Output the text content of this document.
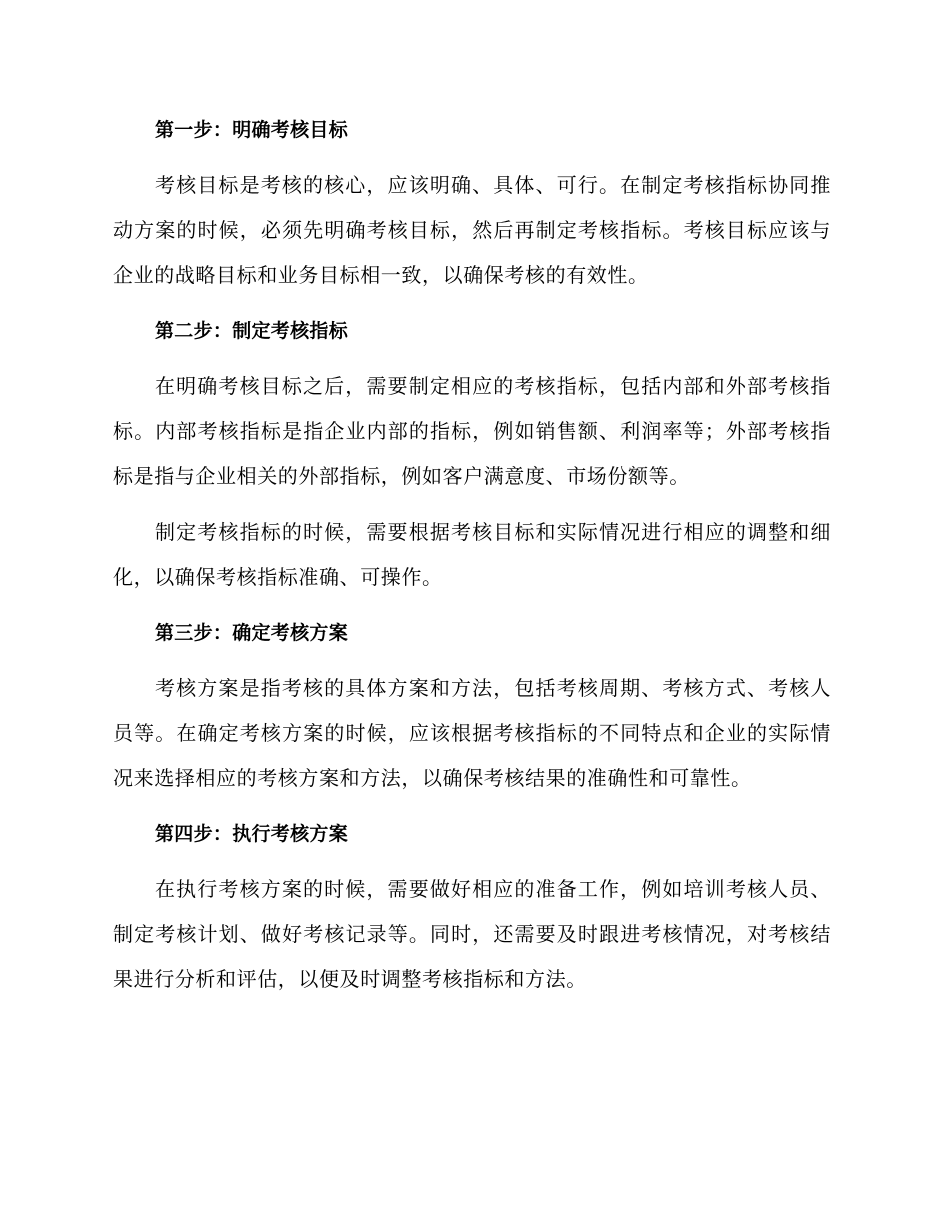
第一步：明确考核目标

考核目标是考核的核心，应该明确、具体、可行。在制定考核指标协同推动方案的时候，必须先明确考核目标，然后再制定考核指标。考核目标应该与企业的战略目标和业务目标相一致，以确保考核的有效性。

第二步：制定考核指标

在明确考核目标之后，需要制定相应的考核指标，包括内部和外部考核指标。内部考核指标是指企业内部的指标，例如销售额、利润率等；外部考核指标是指与企业相关的外部指标，例如客户满意度、市场份额等。

制定考核指标的时候，需要根据考核目标和实际情况进行相应的调整和细化，以确保考核指标准确、可操作。

第三步：确定考核方案

考核方案是指考核的具体方案和方法，包括考核周期、考核方式、考核人员等。在确定考核方案的时候，应该根据考核指标的不同特点和企业的实际情况来选择相应的考核方案和方法，以确保考核结果的准确性和可靠性。

第四步：执行考核方案

在执行考核方案的时候，需要做好相应的准备工作，例如培训考核人员、制定考核计划、做好考核记录等。同时，还需要及时跟进考核情况，对考核结果进行分析和评估，以便及时调整考核指标和方法。
